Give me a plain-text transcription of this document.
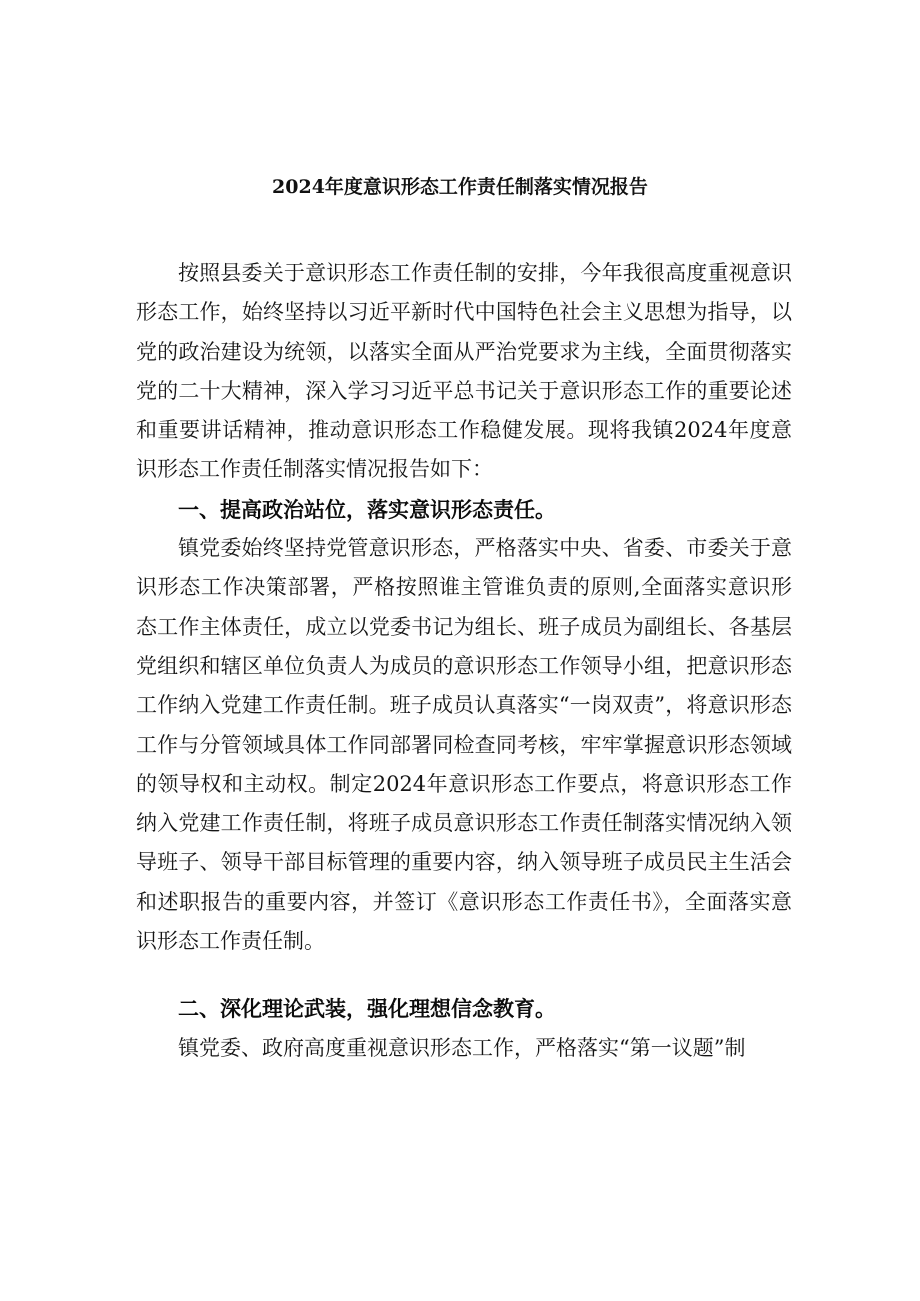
2024年度意识形态工作责任制落实情况报告

按照县委关于意识形态工作责任制的安排，今年我很高度重视意识形态工作，始终坚持以习近平新时代中国特色社会主义思想为指导，以党的政治建设为统领，以落实全面从严治党要求为主线，全面贯彻落实党的二十大精神，深入学习习近平总书记关于意识形态工作的重要论述和重要讲话精神，推动意识形态工作稳健发展。现将我镇2024年度意识形态工作责任制落实情况报告如下：

一、提高政治站位，落实意识形态责任。

镇党委始终坚持党管意识形态，严格落实中央、省委、市委关于意识形态工作决策部署，严格按照谁主管谁负责的原则,全面落实意识形态工作主体责任，成立以党委书记为组长、班子成员为副组长、各基层党组织和辖区单位负责人为成员的意识形态工作领导小组，把意识形态工作纳入党建工作责任制。班子成员认真落实“一岗双责”，将意识形态工作与分管领域具体工作同部署同检查同考核，牢牢掌握意识形态领域的领导权和主动权。制定2024年意识形态工作要点，将意识形态工作纳入党建工作责任制，将班子成员意识形态工作责任制落实情况纳入领导班子、领导干部目标管理的重要内容，纳入领导班子成员民主生活会和述职报告的重要内容，并签订《意识形态工作责任书》，全面落实意识形态工作责任制。

二、深化理论武装，强化理想信念教育。

镇党委、政府高度重视意识形态工作，严格落实“第一议题”制
